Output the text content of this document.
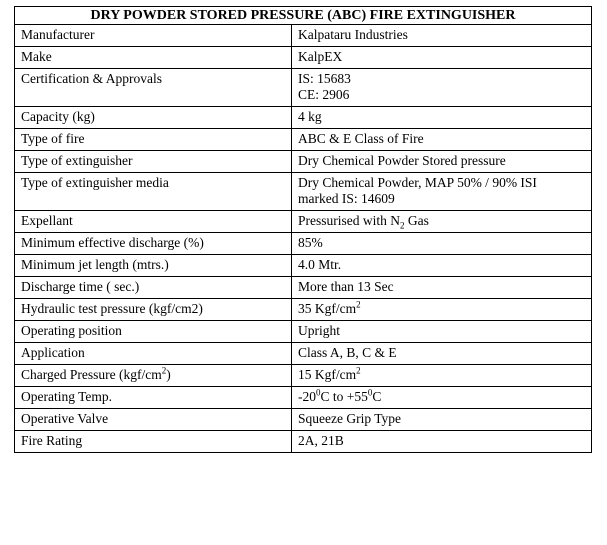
DRY POWDER STORED PRESSURE (ABC) FIRE EXTINGUISHER	
Manufacturer	Kalpataru Industries
Make	KalpEX
Certification & Approvals	IS: 15683
CE: 2906

Capacity (kg)	4 kg
Type of fire	ABC & E Class of Fire
Type of extinguisher	Dry Chemical Powder Stored pressure
Type of extinguisher media	Dry Chemical Powder, MAP 50% / 90% ISI
marked IS: 14609

Expellant	Pressurised with $N_2$ Gas
Minimum effective discharge (%)	85%
Minimum jet length (mtrs.)	4.0 Mtr.
Discharge time ( sec.)	More than 13 Sec
Hydraulic test pressure (kgf/cm2)	35 Kgf/$cm^2$
Operating position	Upright
Application	Class A, B, C & E
Charged Pressure $(kgf/cm^2)$	15 Kgf/$cm^2$
Operating Temp.	$-20^0C$ to $+55^0C$
Operative Valve	Squeeze Grip Type
Fire Rating	2A, 21B
